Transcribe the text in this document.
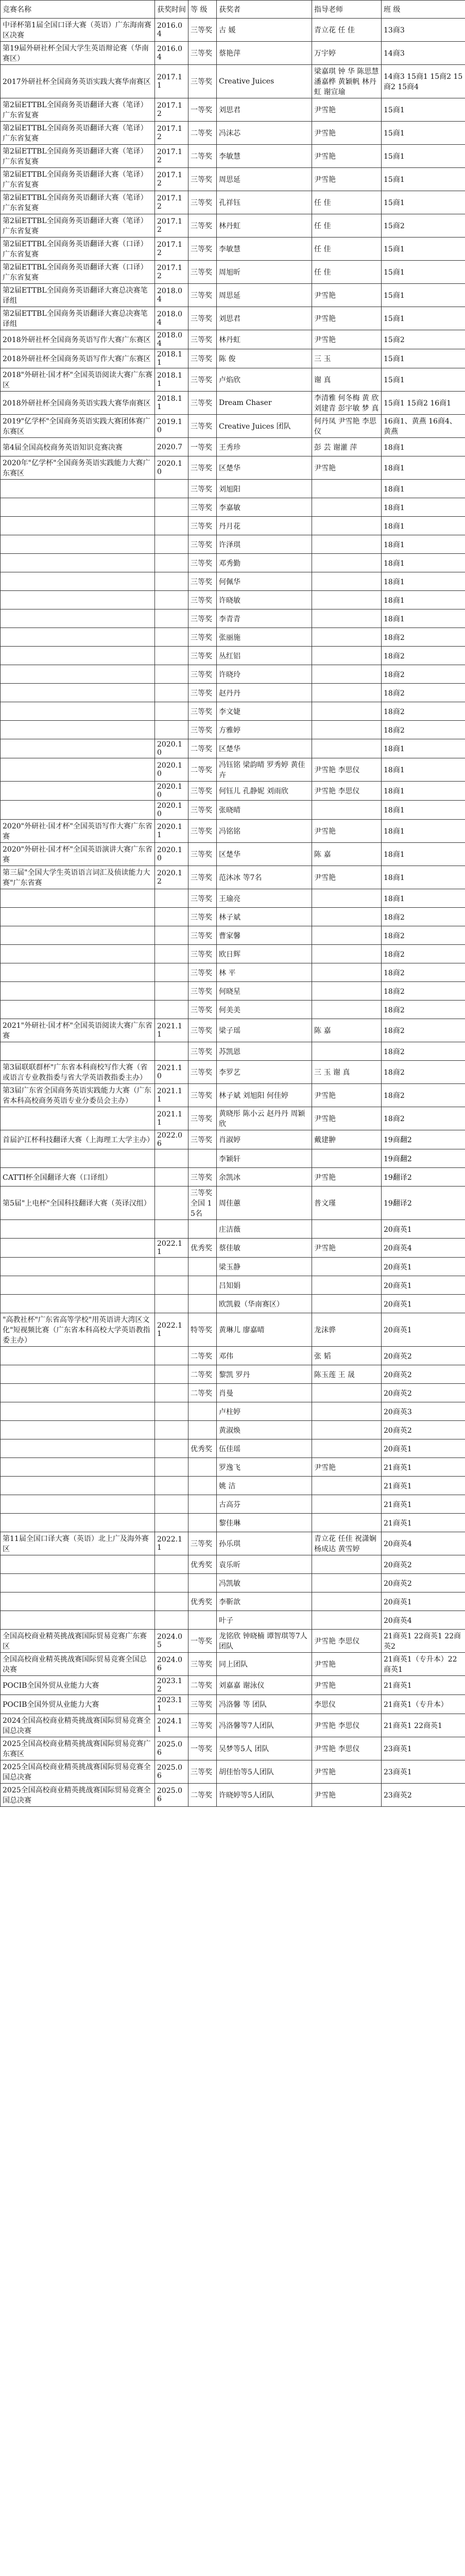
竞赛名称	获奖时间	等 级	获奖者	指导老师	班 级
中译杯第1届全国口译大赛（英语）广东海南赛区决赛	2016.04	三等奖	古 媛	青立花 任 佳	13商3
第19届外研社杯全国大学生英语辩论赛（华南赛区）	2016.04	三等奖	蔡艳萍	万宇婷	14商3
2017外研社杯全国商务英语实践大赛华南赛区	2017.11	三等奖	Creative Juices	梁嘉琪 钟 华 陈思慧 潘嘉桦 黄颖帆 林丹虹 谢宣瑜	14商3 15商1 15商2 15商2 15商4
第2届ETTBL全国商务英语翻译大赛（笔译）广东省复赛	2017.12	一等奖	刘思君	尹雪艳	15商1
第2届ETTBL全国商务英语翻译大赛（笔译）广东省复赛	2017.12	二等奖	冯沫芯	尹雪艳	15商1
第2届ETTBL全国商务英语翻译大赛（笔译）广东省复赛	2017.12	二等奖	李敏慧	尹雪艳	15商1
第2届ETTBL全国商务英语翻译大赛（笔译）广东省复赛	2017.12	三等奖	周思延	尹雪艳	15商1
第2届ETTBL全国商务英语翻译大赛（笔译）广东省复赛	2017.12	三等奖	孔祥钰	任 佳	15商1
第2届ETTBL全国商务英语翻译大赛（笔译）广东省复赛	2017.12	三等奖	林丹虹	任 佳	15商2
第2届ETTBL全国商务英语翻译大赛（口译）广东省复赛	2017.12	三等奖	李敏慧	任 佳	15商1
第2届ETTBL全国商务英语翻译大赛（口译）广东省复赛	2017.12	三等奖	周旭昕	任 佳	15商1
第2届ETTBL全国商务英语翻译大赛总决赛笔译组	2018.04	三等奖	周思延	尹雪艳	15商1
第2届ETTBL全国商务英语翻译大赛总决赛笔译组	2018.04	三等奖	刘思君	尹雪艳	15商1
2018外研社杯全国商务英语写作大赛广东赛区	2018.04	三等奖	林丹虹	尹雪艳	15商2
2018外研社杯全国商务英语写作大赛广东赛区	2018.11	三等奖	陈 俊	三 玉	15商1
2018"外研社·国才杯"全国英语阅读大赛广东赛区	2018.11	三等奖	卢焰欣	谢 真	15商1
2018外研社杯全国商务英语实践大赛华南赛区	2018.11	三等奖	Dream Chaser	李清雅 何冬梅 黄 欣 刘建青 彭宇敏 梦 真	15商1 15商2 16商1
2019"亿学杯"全国商务英语实践大赛团体赛广东赛区	2019.10	三等奖	Creative Juices 团队	何丹凤 尹雪艳 李思仪	16商1、黄燕 16商4、黄燕
第4届全国高校商务英语知识竞赛决赛	2020.7	一等奖	王秀珍	彭 芸 谢灌 萍	18商1
2020年"亿学杯"全国商务英语实践能力大赛广东赛区	2020.10	三等奖	区楚华	尹雪艳	18商1
		三等奖	刘旭阳		18商1
		三等奖	李嘉敏		18商1
		三等奖	丹月花		18商1
		三等奖	许泽琪		18商1
		三等奖	邓秀勤		18商1
		三等奖	何佩华		18商1
		三等奖	许晓敏		18商1
		三等奖	李青青		18商1
		三等奖	张丽施		18商2
		三等奖	丛红铝		18商2
		三等奖	许晓玲		18商2
		三等奖	赵丹丹		18商2
		三等奖	李文婕		18商2
		三等奖	方雅婷		18商2
	2020.10	二等奖	区楚华		18商1
	2020.10	二等奖	冯钰铭 梁韵晴 罗秀婷 黄佳卉	尹雪艳 李思仪	18商1
	2020.10	三等奖	何钰儿 孔静妮 刘雨欣	尹雪艳 李思仪	18商1
	2020.10	三等奖	张晓晴		18商1
2020"外研社·国才杯"全国英语写作大赛广东省赛	2020.11	三等奖	冯铭铭	尹雪艳	18商1
2020"外研社·国才杯"全国英语演讲大赛广东省赛	2020.10	三等奖	区楚华	陈 嘉	18商1
第三届"全国大学生英语语言词汇及侦读能力大赛"广东省赛	2020.12	三等奖	范沐冰 等7名	尹雪艳	18商1
		三等奖	王瑜亮		18商1
		三等奖	林子斌		18商2
		三等奖	曹家馨		18商2
		三等奖	欧日辉		18商2
		三等奖	林 平		18商2
		三等奖	何晓星		18商2
		三等奖	何美美		18商2
2021"外研社·国才杯"全国英语阅读大赛广东省赛	2021.11	三等奖	梁子瑶	陈 嘉	18商2
		三等奖	苏凯恩		18商2
第3届联联群杯"广东省本科商校写作大赛（省或语言专业教指委与省大学英语教指委主办）	2021.10	三等奖	李罗艺	三 玉 谢 真	18商2
第3届广东省全国商务英语实践能力大赛（广东省本科高校商务英语专业分委员会主办）	2021.11	三等奖	林子斌 刘旭阳 何佳婷	尹雪艳	18商2
	2021.11	三等奖	黄晓彤 陈小云 赵丹丹 周颖欣	尹雪艳	18商2
首届沪江杯科技翻译大赛（上海理工大学主办）	2022.06	三等奖	肖淑婷	戴建翀	19商翻2
			李颖轩		19商翻2
CATTI杯全国翻译大赛（口译组）		三等奖	余凯冰	尹雪艳	19翻译2
第5届"上电杯"全国科技翻译大赛（英译汉组）		三等奖 全国 15名	周佳蕙	普文瑾	19翻译2
			庄洁薇		20商英1
	2022.11	优秀奖	蔡佳敏	尹雪艳	20商英4
			梁玉静		20商英1
			吕知娟		20商英1
			欧凯毅（华南赛区）		20商英1
"高教社杯"广东省高等学校"用英语讲大湾区文化"短视频比赛（广东省本科高校大学英语教指委主办）	2022.11	特等奖	黄琳儿 廖嘉晴	龙沫骅	20商英1
		二等奖	邓伟	张 韬	20商英2
		二等奖	黎凯 罗丹	陈玉莲 王 晟	20商英2
		二等奖	肖曼		20商英2
			卢柱婷		20商英3
			黄淑焕		20商英2
		优秀奖	伍佳瑶		20商英1
			罗逸飞	尹雪艳	21商英1
			姚 洁		21商英1
			古高芬		21商英1
			黎佳琳		21商英1
第11届全国口译大赛（英语）北上广及海外赛区	2022.11	三等奖	孙乐琪	青立花 任佳 祝潇娴 杨成达 黄雪婷	20商英4
		优秀奖	袁乐昕		20商英2
			冯凯敏		20商英2
		优秀奖	李靳歆		20商英1
			叶子		20商英4
全国高校商业精英挑战赛国际贸易竞赛广东赛区	2024.05	一等奖	龙铭欣 钟晓楠 谭智琪等7人 团队	尹雪艳 李思仪	21商英1 22商英1 22商英2
全国高校商业精英挑战赛国际贸易竞赛全国总决赛	2024.06	三等奖	同上团队	尹雪艳	21商英1（专升本）22商英1
POCIB全国外贸从业能力大赛	2023.12	二等奖	刘嘉嘉 谢泳仪	尹雪艳	21商英1
POCIB全国外贸从业能力大赛	2023.11	三等奖	冯洛馨 等 团队	李思仪	21商英1（专升本）
2024全国高校商业精英挑战赛国际贸易竞赛全国总决赛	2024.11	三等奖	冯洛馨等7人团队	尹雪艳 李思仪	21商英1 22商英1
2025全国高校商业精英挑战赛国际贸易竞赛广东赛区	2025.06	一等奖	吴梦等5人 团队	尹雪艳 李思仪	23商英1
2025全国高校商业精英挑战赛国际贸易竞赛全国总决赛	2025.06	三等奖	胡佳怡等5人团队	尹雪艳	23商英1
2025全国高校商业精英挑战赛国际贸易竞赛全国总决赛	2025.06	二等奖	许晓婷等5人团队	尹雪艳	23商英2
